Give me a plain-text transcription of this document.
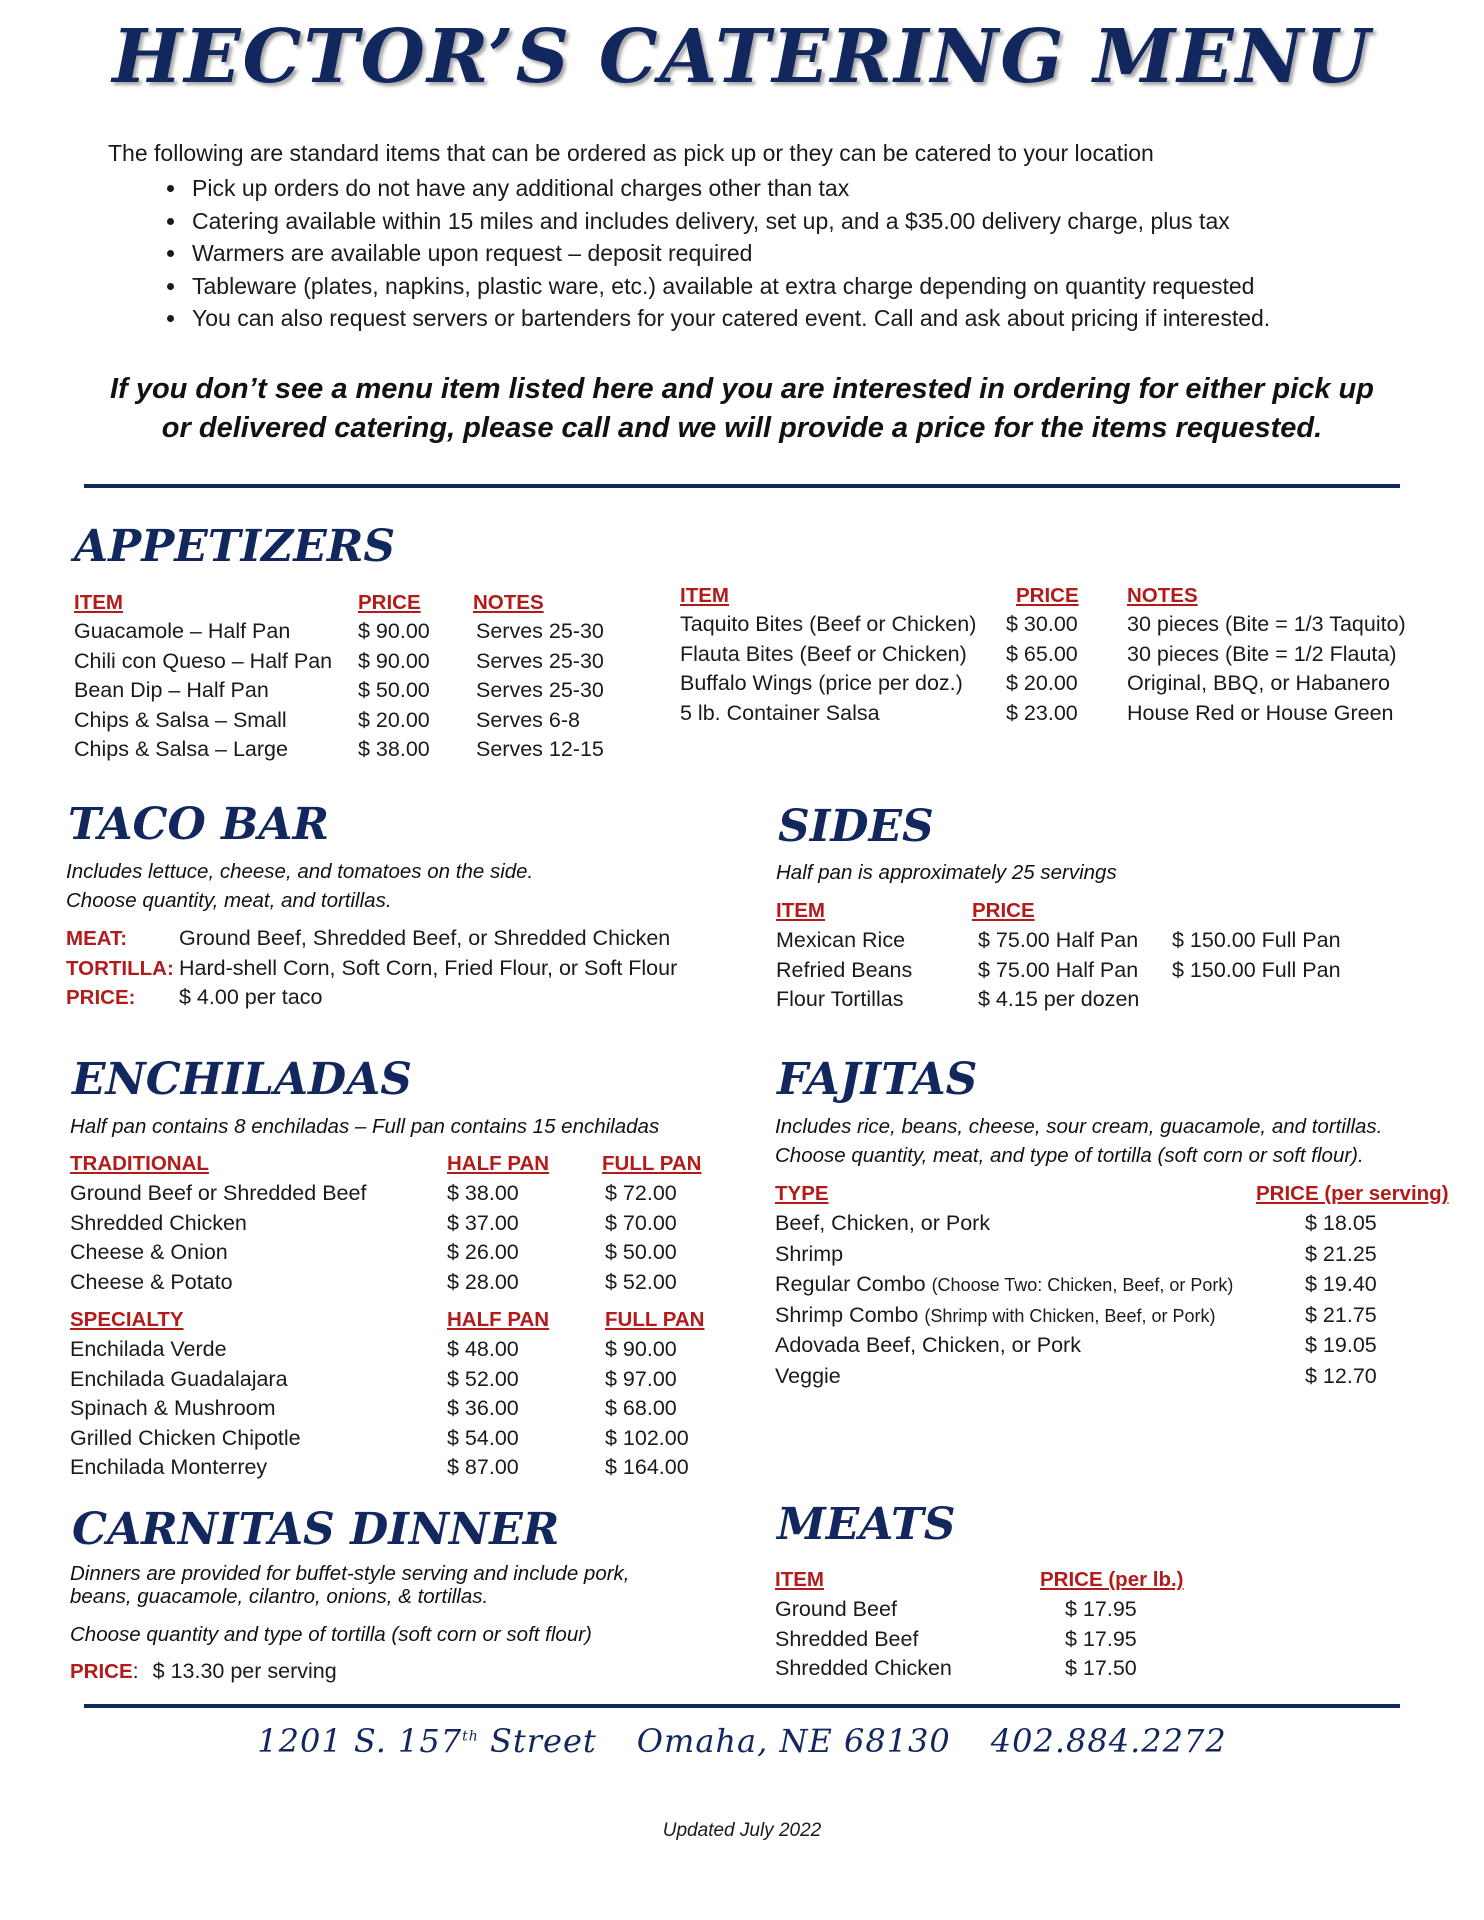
HECTOR’S CATERING MENU
The following are standard items that can be ordered as pick up or they can be catered to your location
• Pick up orders do not have any additional charges other than tax
• Catering available within 15 miles and includes delivery, set up, and a $35.00 delivery charge, plus tax
• Warmers are available upon request – deposit required
• Tableware (plates, napkins, plastic ware, etc.) available at extra charge depending on quantity requested
• You can also request servers or bartenders for your catered event. Call and ask about pricing if interested.
If you don’t see a menu item listed here and you are interested in ordering for either pick up or delivered catering, please call and we will provide a price for the items requested.
APPETIZERS
ITEM	PRICE	NOTES
Guacamole – Half Pan	$ 90.00 Serves 25-30
Chili con Queso – Half Pan $ 90.00 Serves 25-30
Bean Dip – Half Pan	$ 50.00 Serves 25-30
Chips & Salsa – Small	$ 20.00 Serves 6-8
Chips & Salsa – Large	$ 38.00 Serves 12-15
ITEM	PRICE NOTES
Taquito Bites (Beef or Chicken) $ 30.00 30 pieces (Bite = 1/3 Taquito)
Flauta Bites (Beef or Chicken) $ 65.00 30 pieces (Bite = 1/2 Flauta)
Buffalo Wings (price per doz.) $ 20.00 Original, BBQ, or Habanero
5 lb. Container Salsa	$ 23.00 House Red or House Green
TACO BAR
Includes lettuce, cheese, and tomatoes on the side.
Choose quantity, meat, and tortillas.
MEAT: Ground Beef, Shredded Beef, or Shredded Chicken
TORTILLA: Hard-shell Corn, Soft Corn, Fried Flour, or Soft Flour
PRICE: $ 4.00 per taco
SIDES
Half pan is approximately 25 servings
ITEM	PRICE
Mexican Rice	$ 75.00 Half Pan $ 150.00 Full Pan
Refried Beans	$ 75.00 Half Pan $ 150.00 Full Pan
Flour Tortillas	$ 4.15 per dozen
ENCHILADAS
Half pan contains 8 enchiladas – Full pan contains 15 enchiladas
TRADITIONAL	HALF PAN	FULL PAN
Ground Beef or Shredded Beef	$ 38.00	$ 72.00
Shredded Chicken	$ 37.00	$ 70.00
Cheese & Onion	$ 26.00	$ 50.00
Cheese & Potato	$ 28.00	$ 52.00
SPECIALTY	HALF PAN	FULL PAN
Enchilada Verde	$ 48.00	$ 90.00
Enchilada Guadalajara	$ 52.00	$ 97.00
Spinach & Mushroom	$ 36.00	$ 68.00
Grilled Chicken Chipotle	$ 54.00	$ 102.00
Enchilada Monterrey	$ 87.00	$ 164.00
FAJITAS
Includes rice, beans, cheese, sour cream, guacamole, and tortillas.
Choose quantity, meat, and type of tortilla (soft corn or soft flour).
TYPE	PRICE (per serving)
Beef, Chicken, or Pork	$ 18.05
Shrimp	$ 21.25
Regular Combo (Choose Two: Chicken, Beef, or Pork)	$ 19.40
Shrimp Combo (Shrimp with Chicken, Beef, or Pork)	$ 21.75
Adovada Beef, Chicken, or Pork	$ 19.05
Veggie	$ 12.70
CARNITAS DINNER
Dinners are provided for buffet-style serving and include pork,
beans, guacamole, cilantro, onions, & tortillas.
Choose quantity and type of tortilla (soft corn or soft flour)
PRICE: $ 13.30 per serving
MEATS
ITEM	PRICE (per lb.)
Ground Beef	$ 17.95
Shredded Beef	$ 17.95
Shredded Chicken	$ 17.50
1201 S. 157th Street Omaha, NE 68130 402.884.2272
Updated July 2022
